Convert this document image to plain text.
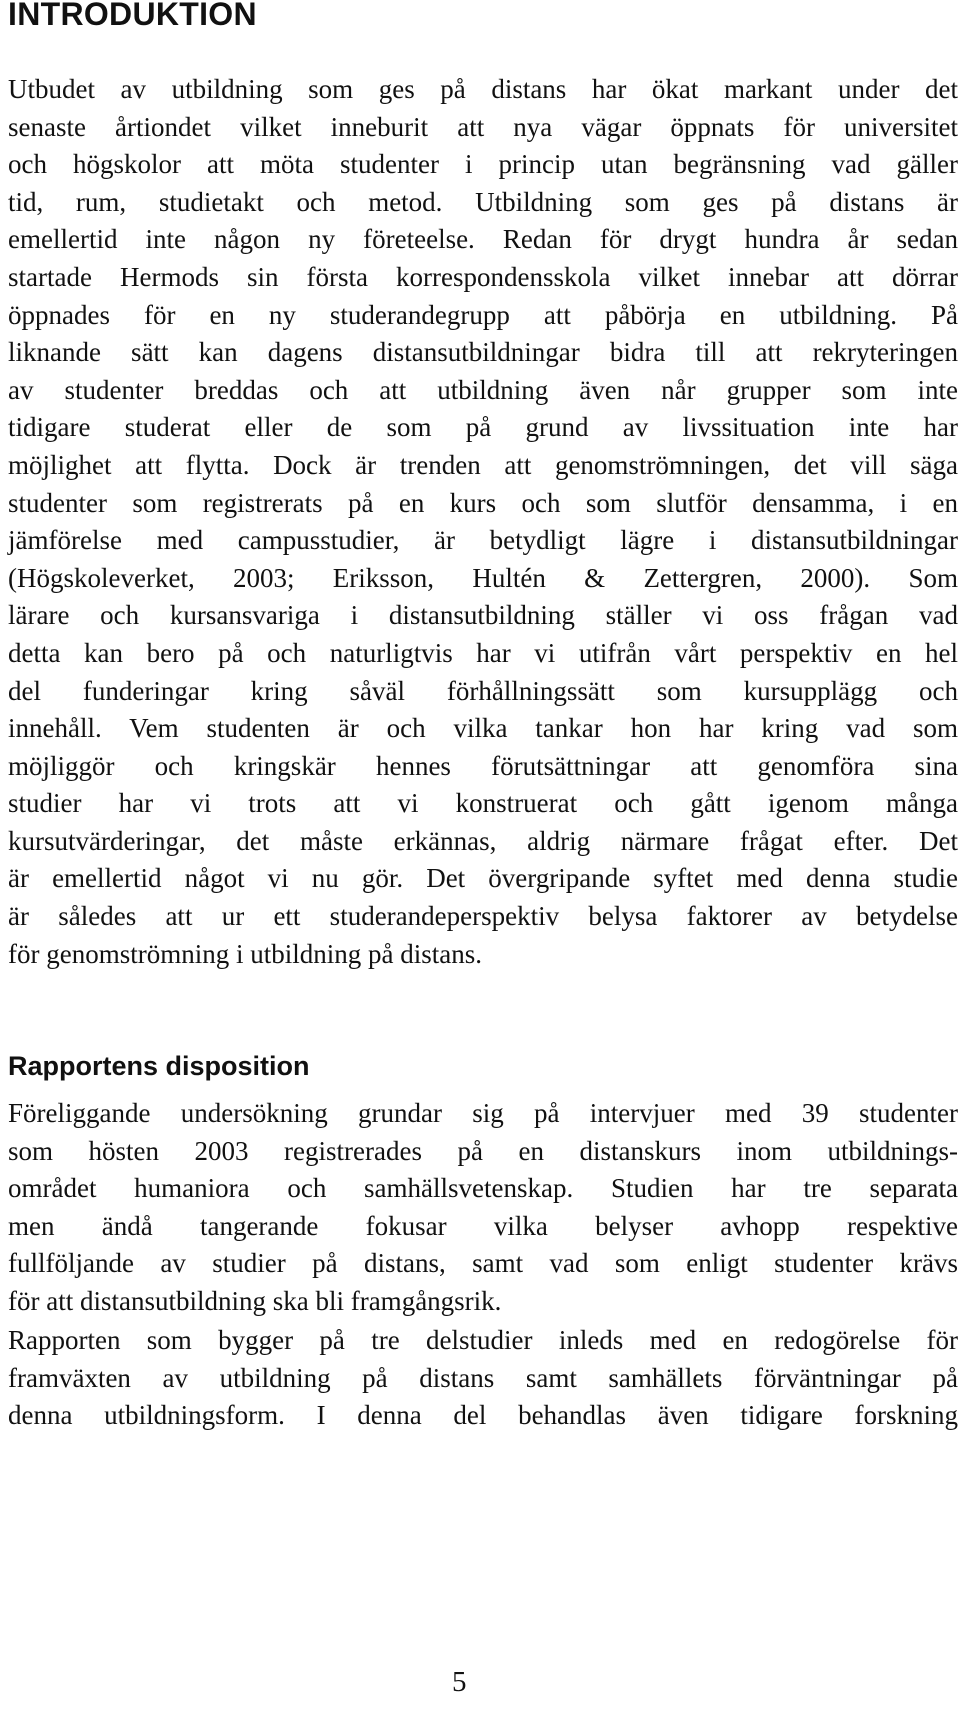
INTRODUKTION
Utbudet av utbildning som ges på distans har ökat markant under det
senaste årtiondet vilket inneburit att nya vägar öppnats för universitet
och högskolor att möta studenter i princip utan begränsning vad gäller
tid, rum, studietakt och metod. Utbildning som ges på distans är
emellertid inte någon ny företeelse. Redan för drygt hundra år sedan
startade Hermods sin första korrespondensskola vilket innebar att dörrar
öppnades för en ny studerandegrupp att påbörja en utbildning. På
liknande sätt kan dagens distansutbildningar bidra till att rekryteringen
av studenter breddas och att utbildning även når grupper som inte
tidigare studerat eller de som på grund av livssituation inte har
möjlighet att flytta. Dock är trenden att genomströmningen, det vill säga
studenter som registrerats på en kurs och som slutför densamma, i en
jämförelse med campusstudier, är betydligt lägre i distansutbildningar
(Högskoleverket, 2003; Eriksson, Hultén & Zettergren, 2000). Som
lärare och kursansvariga i distansutbildning ställer vi oss frågan vad
detta kan bero på och naturligtvis har vi utifrån vårt perspektiv en hel
del funderingar kring såväl förhållningssätt som kursupplägg och
innehåll. Vem studenten är och vilka tankar hon har kring vad som
möjliggör och kringskär hennes förutsättningar att genomföra sina
studier har vi trots att vi konstruerat och gått igenom många
kursutvärderingar, det måste erkännas, aldrig närmare frågat efter. Det
är emellertid något vi nu gör. Det övergripande syftet med denna studie
är således att ur ett studerandeperspektiv belysa faktorer av betydelse
för genomströmning i utbildning på distans.
Rapportens disposition
Föreliggande undersökning grundar sig på intervjuer med 39 studenter
som hösten 2003 registrerades på en distanskurs inom utbildnings-
området humaniora och samhällsvetenskap. Studien har tre separata
men ändå tangerande fokusar vilka belyser avhopp respektive
fullföljande av studier på distans, samt vad som enligt studenter krävs
för att distansutbildning ska bli framgångsrik.
Rapporten som bygger på tre delstudier inleds med en redogörelse för
framväxten av utbildning på distans samt samhällets förväntningar på
denna utbildningsform. I denna del behandlas även tidigare forskning
5
